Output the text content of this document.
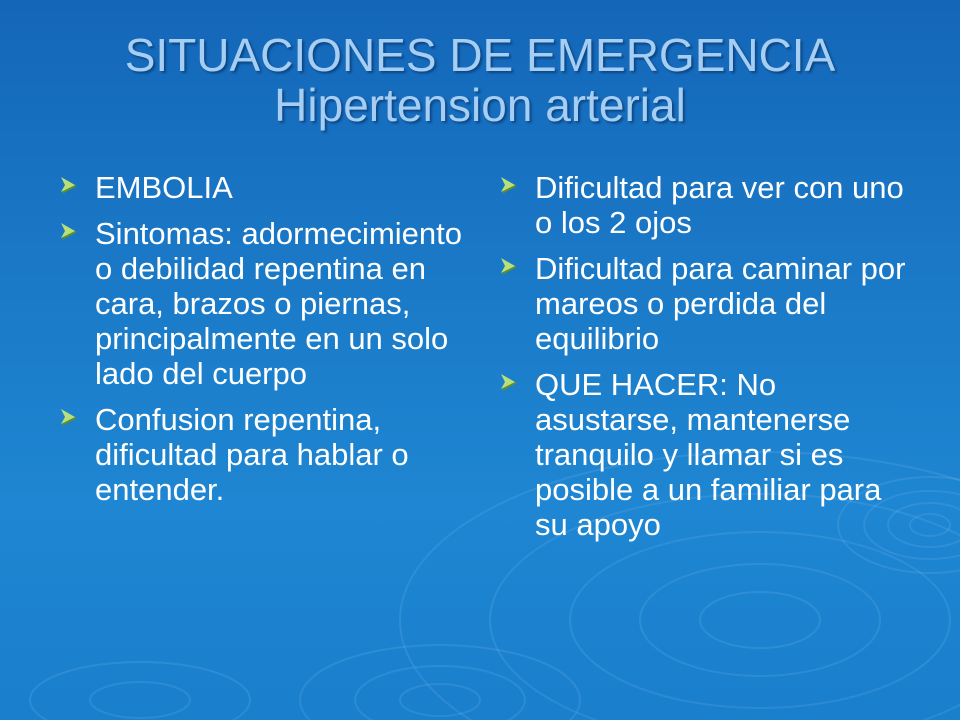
SITUACIONES DE EMERGENCIA
Hipertension arterial
EMBOLIA
Sintomas: adormecimiento o debilidad repentina en cara, brazos o piernas, principalmente en un solo lado del cuerpo
Confusion repentina, dificultad para hablar o entender.
Dificultad para ver con uno o los 2 ojos
Dificultad para caminar por mareos o perdida del equilibrio
QUE HACER: No asustarse, mantenerse tranquilo y llamar si es posible a un familiar para su apoyo
